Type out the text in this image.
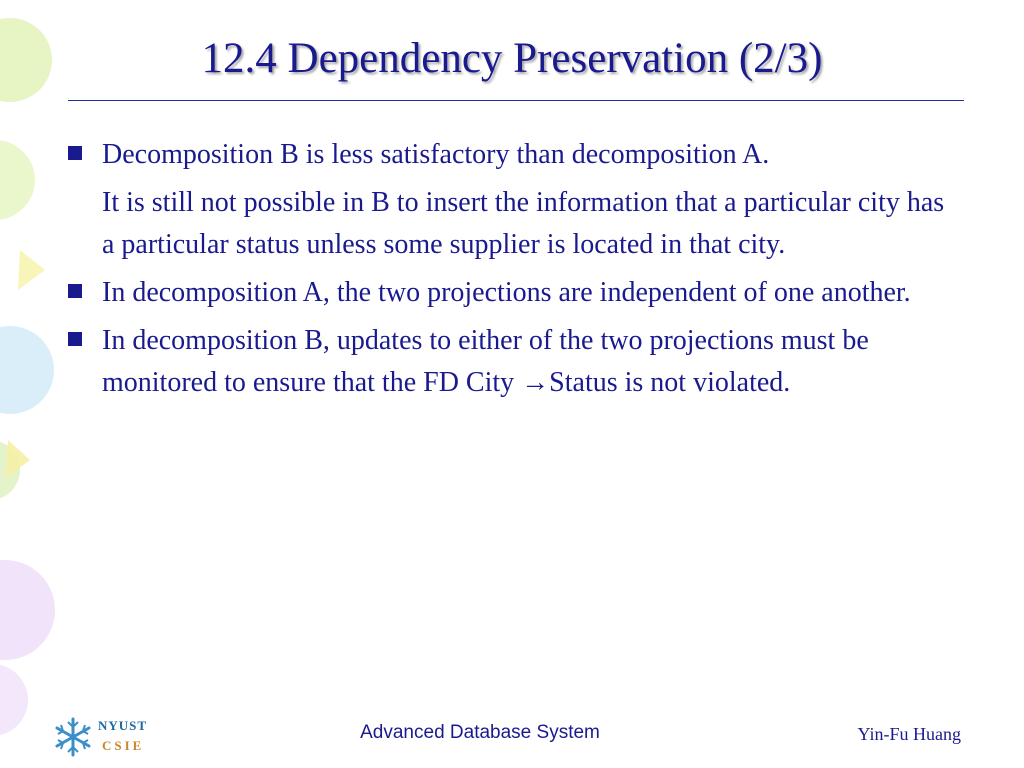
12.4 Dependency Preservation (2/3)
Decomposition B is less satisfactory than decomposition A.
It is still not possible in B to insert the information that a particular city has a particular status unless some supplier is located in that city.
In decomposition A, the two projections are independent of one another.
In decomposition B, updates to either of the two projections must be monitored to ensure that the FD City →Status is not violated.
NYUST
CSIE
Advanced Database System	Yin-Fu Huang
